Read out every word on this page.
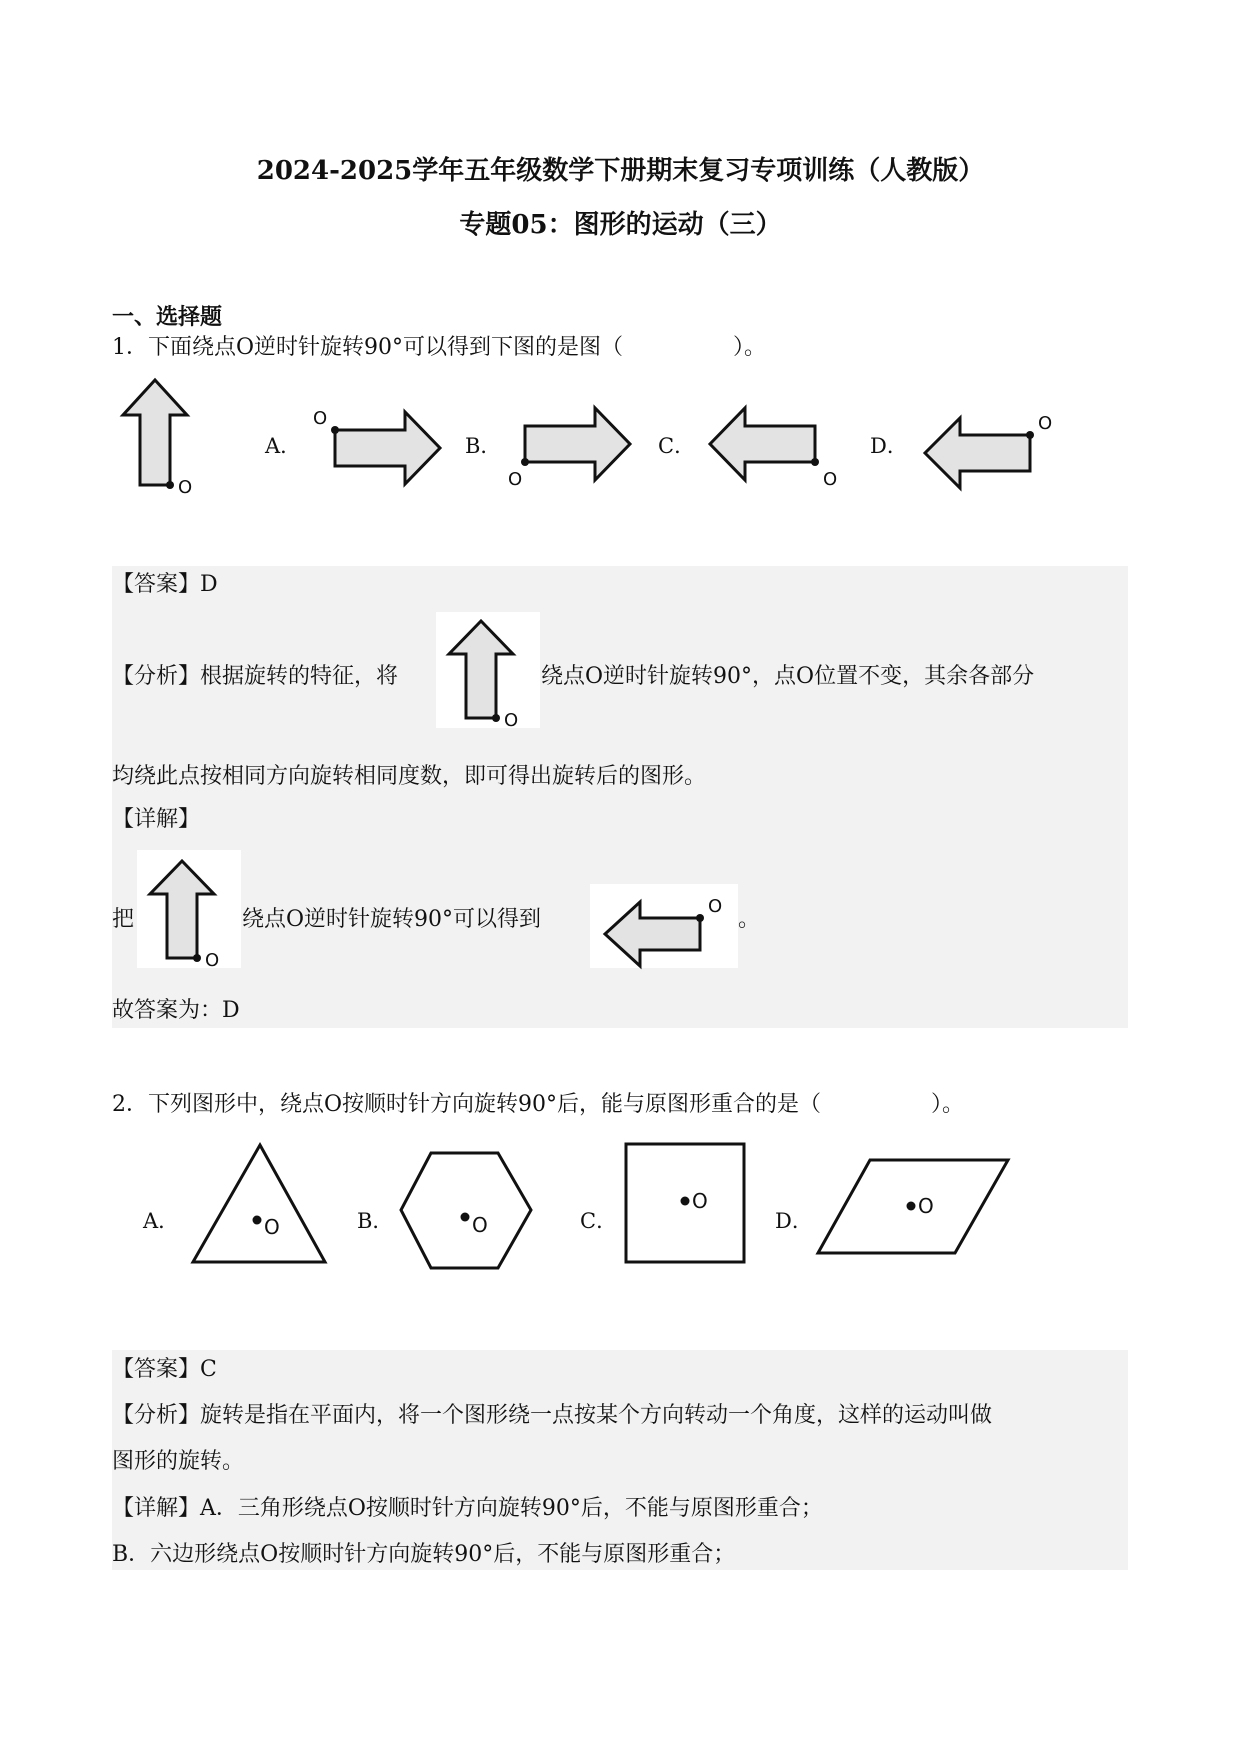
2024-2025学年五年级数学下册期末复习专项训练（人教版）
专题05：图形的运动（三）
一、选择题
1．下面绕点O逆时针旋转90°可以得到下图的是图（　　　　　）。
O
A．
O
B．
O
C．
O
D．
O
【答案】D
【分析】根据旋转的特征，将
O
绕点O逆时针旋转90°，点O位置不变，其余各部分
均绕此点按相同方向旋转相同度数，即可得出旋转后的图形。
【详解】
把
O
绕点O逆时针旋转90°可以得到
O
。
故答案为：D
2．下列图形中，绕点O按顺时针方向旋转90°后，能与原图形重合的是（　　　　　）。
A．	O	B．	O	C．
O
D．
O
【答案】C
【分析】旋转是指在平面内，将一个图形绕一点按某个方向转动一个角度，这样的运动叫做
图形的旋转。
【详解】A．三角形绕点O按顺时针方向旋转90°后，不能与原图形重合；
B．六边形绕点O按顺时针方向旋转90°后，不能与原图形重合；
